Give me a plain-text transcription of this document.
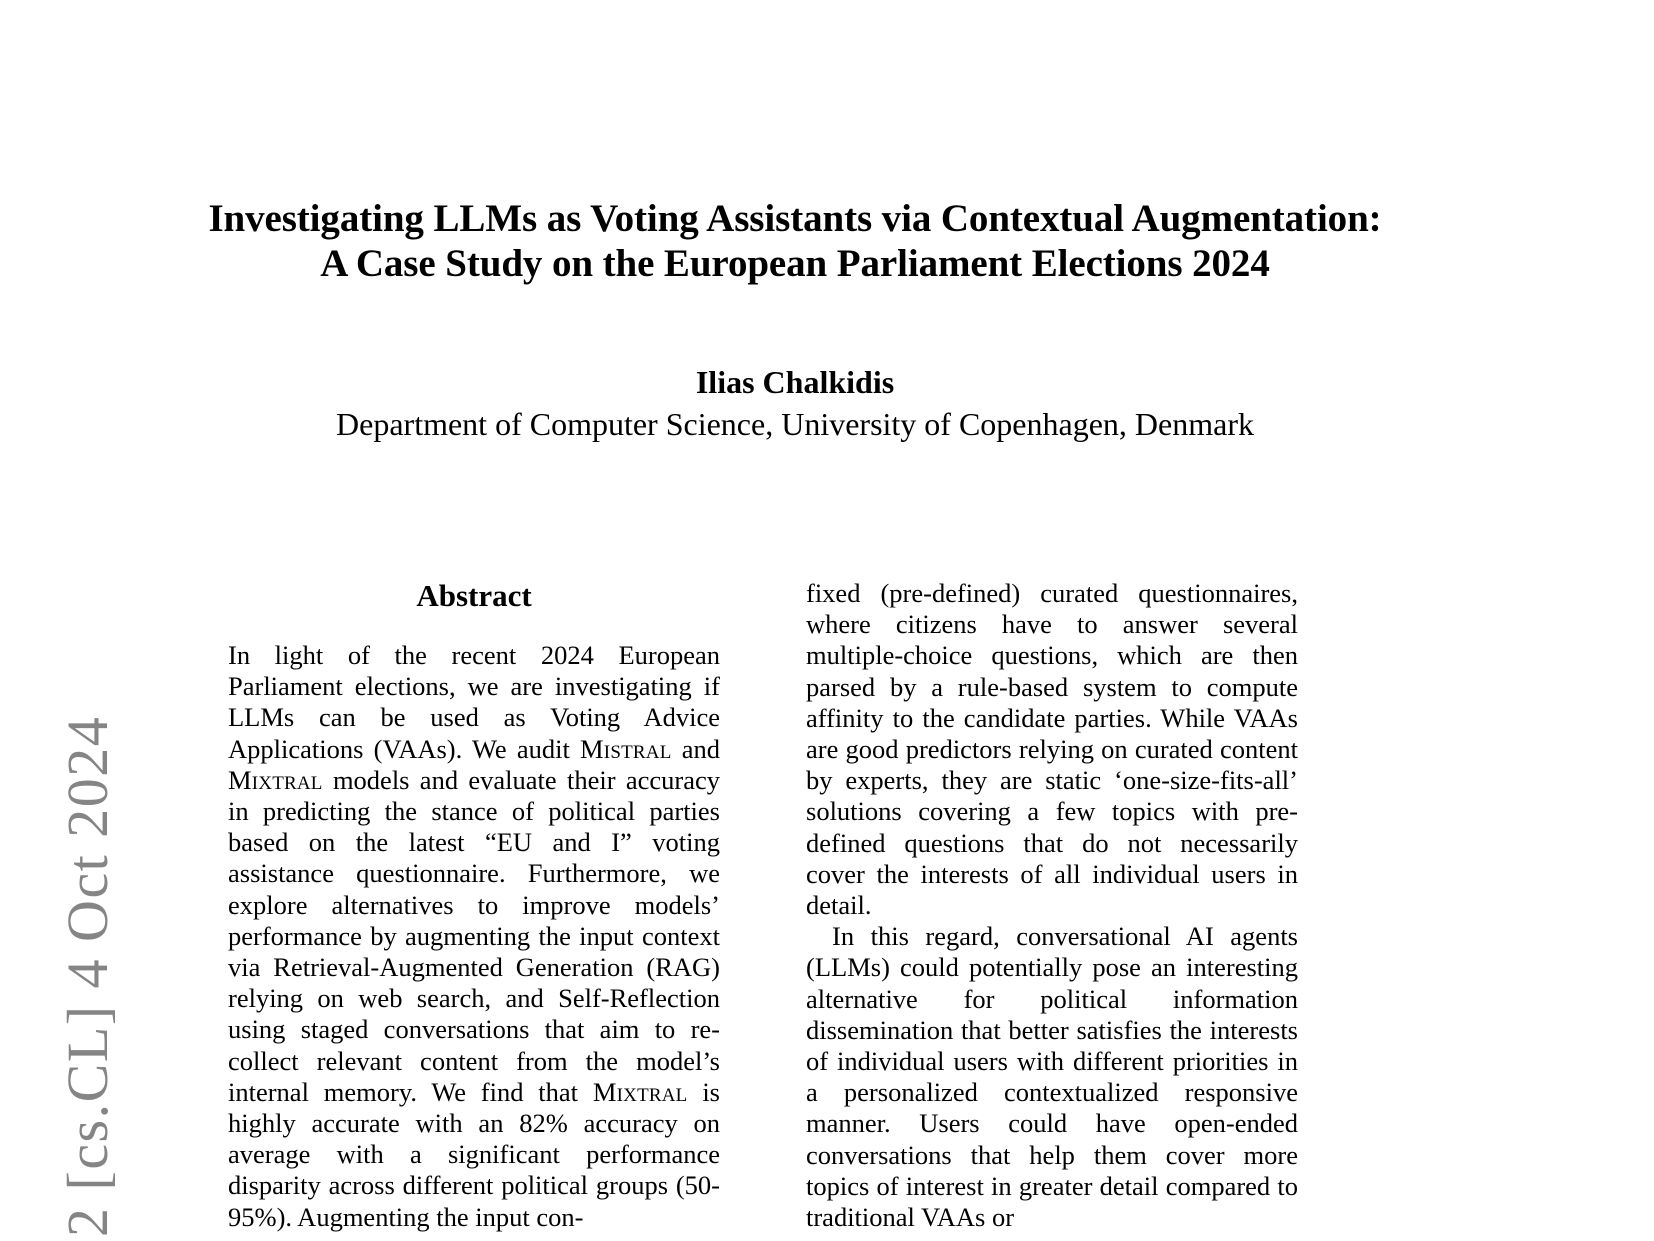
2 [cs.CL] 4 Oct 2024
Investigating LLMs as Voting Assistants via Contextual Augmentation:
A Case Study on the European Parliament Elections 2024
Ilias Chalkidis
Department of Computer Science, University of Copenhagen, Denmark
Abstract

In light of the recent 2024 European Parliament elections, we are investigating if LLMs can be used as Voting Advice Applications (VAAs). We audit Mistral and Mixtral models and evaluate their accuracy in predicting the stance of political parties based on the latest “EU and I” voting assistance questionnaire. Furthermore, we explore alternatives to improve models’ performance by augmenting the input context via Retrieval-Augmented Generation (RAG) relying on web search, and Self-Reflection using staged conversations that aim to re-collect relevant content from the model’s internal memory. We find that Mixtral is highly accurate with an 82% accuracy on average with a significant performance disparity across different political groups (50-95%). Augmenting the input con-

fixed (pre-defined) curated questionnaires, where citizens have to answer several multiple-choice questions, which are then parsed by a rule-based system to compute affinity to the candidate parties. While VAAs are good predictors relying on curated content by experts, they are static ‘one-size-fits-all’ solutions covering a few topics with pre-defined questions that do not necessarily cover the interests of all individual users in detail.

In this regard, conversational AI agents (LLMs) could potentially pose an interesting alternative for political information dissemination that better satisfies the interests of individual users with different priorities in a personalized contextualized responsive manner. Users could have open-ended conversations that help them cover more topics of interest in greater detail compared to traditional VAAs or
